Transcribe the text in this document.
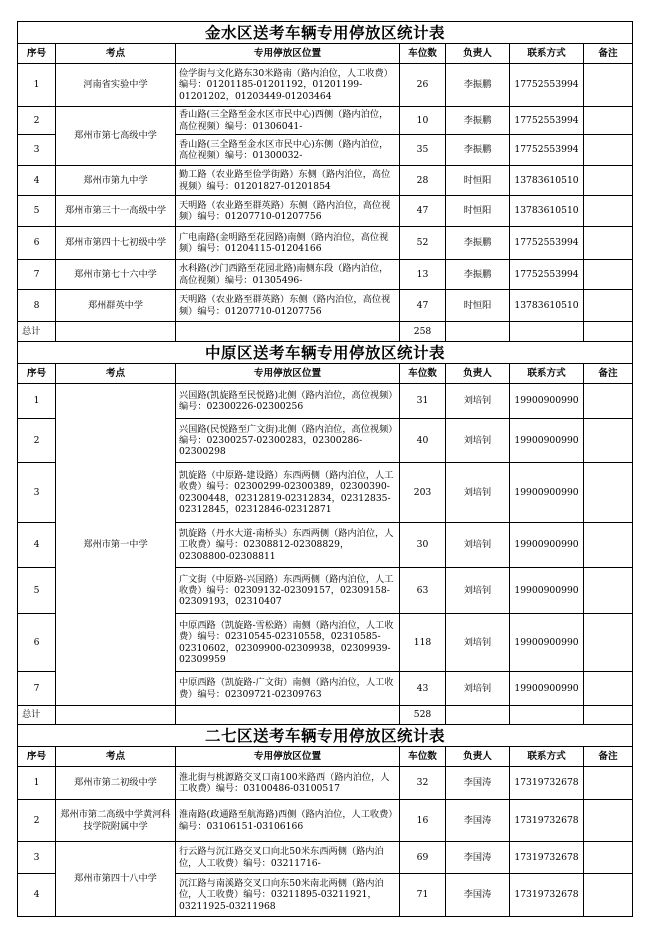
金水区送考车辆专用停放区统计表						
序号	考点	专用停放区位置	车位数	负责人	联系方式	备注
1	河南省实验中学	俭学街与文化路东30米路南（路内泊位，人工收费）编号：01201185-01201192，01201199-01201202，01203449-01203464	26	李振鹏	17752553994	
2	郑州市第七高级中学	香山路(三全路至金水区市民中心)西侧（路内泊位，高位视频）编号：01306041-	10	李振鹏	17752553994	
3		香山路(三全路至金水区市民中心)东侧（路内泊位，高位视频）编号：01300032-	35	李振鹏	17752553994	
4	郑州市第九中学	勤工路（农业路至俭学街路）东侧（路内泊位，高位视频）编号：01201827-01201854	28	时恒阳	13783610510	
5	郑州市第三十一高级中学	天明路（农业路至群英路）东侧（路内泊位，高位视频）编号：01207710-01207756	47	时恒阳	13783610510	
6	郑州市第四十七初级中学	广电南路(金明路至花园路)南侧（路内泊位，高位视频）编号：01204115-01204166	52	李振鹏	17752553994	
7	郑州市第七十六中学	水科路(沙门西路至花园北路)南侧东段（路内泊位，高位视频）编号：01305496-	13	李振鹏	17752553994	
8	郑州群英中学	天明路（农业路至群英路）东侧（路内泊位，高位视频）编号：01207710-01207756	47	时恒阳	13783610510	
总计			258			
中原区送考车辆专用停放区统计表						
序号	考点	专用停放区位置	车位数	负责人	联系方式	备注
1	郑州市第一中学	兴国路(凯旋路至民悦路)北侧（路内泊位，高位视频）编号：02300226-02300256	31	刘培钊	19900900990	
2		兴国路(民悦路至广文街)北侧（路内泊位，高位视频）编号：02300257-02300283，02300286-02300298	40	刘培钊	19900900990	
3		凯旋路（中原路-建设路）东西两侧（路内泊位，人工收费）编号：02300299-02300389，02300390-02300448，02312819-02312834，02312835-02312845，02312846-02312871	203	刘培钊	19900900990	
4		凯旋路（丹水大道-南桥头）东西两侧（路内泊位，人工收费）编号：02308812-02308829，02308800-02308811	30	刘培钊	19900900990	
5		广文街（中原路-兴国路）东西两侧（路内泊位，人工收费）编号：02309132-02309157，02309158-02309193，02310407	63	刘培钊	19900900990	
6		中原西路（凯旋路-雪松路）南侧（路内泊位，人工收费）编号：02310545-02310558，02310585-02310602，02309900-02309938，02309939-02309959	118	刘培钊	19900900990	
7		中原西路（凯旋路-广文街）南侧（路内泊位，人工收费）编号：02309721-02309763	43	刘培钊	19900900990	
总计			528			
二七区送考车辆专用停放区统计表						
序号	考点	专用停放区位置	车位数	负责人	联系方式	备注
1	郑州市第二初级中学	淮北街与桃源路交叉口南100米路西（路内泊位，人工收费）编号：03100486-03100517	32	李国涛	17319732678	
2	郑州市第二高级中学黄河科技学院附属中学	淮南路(政通路至航海路)西侧（路内泊位，人工收费）编号：03106151-03106166	16	李国涛	17319732678	
3	郑州市第四十八中学	行云路与沉江路交叉口向北50米东西两侧（路内泊位，人工收费）编号：03211716-	69	李国涛	17319732678	
4		沉江路与南溪路交叉口向东50米南北两侧（路内泊位，人工收费）编号：03211895-03211921，03211925-03211968	71	李国涛	17319732678	
